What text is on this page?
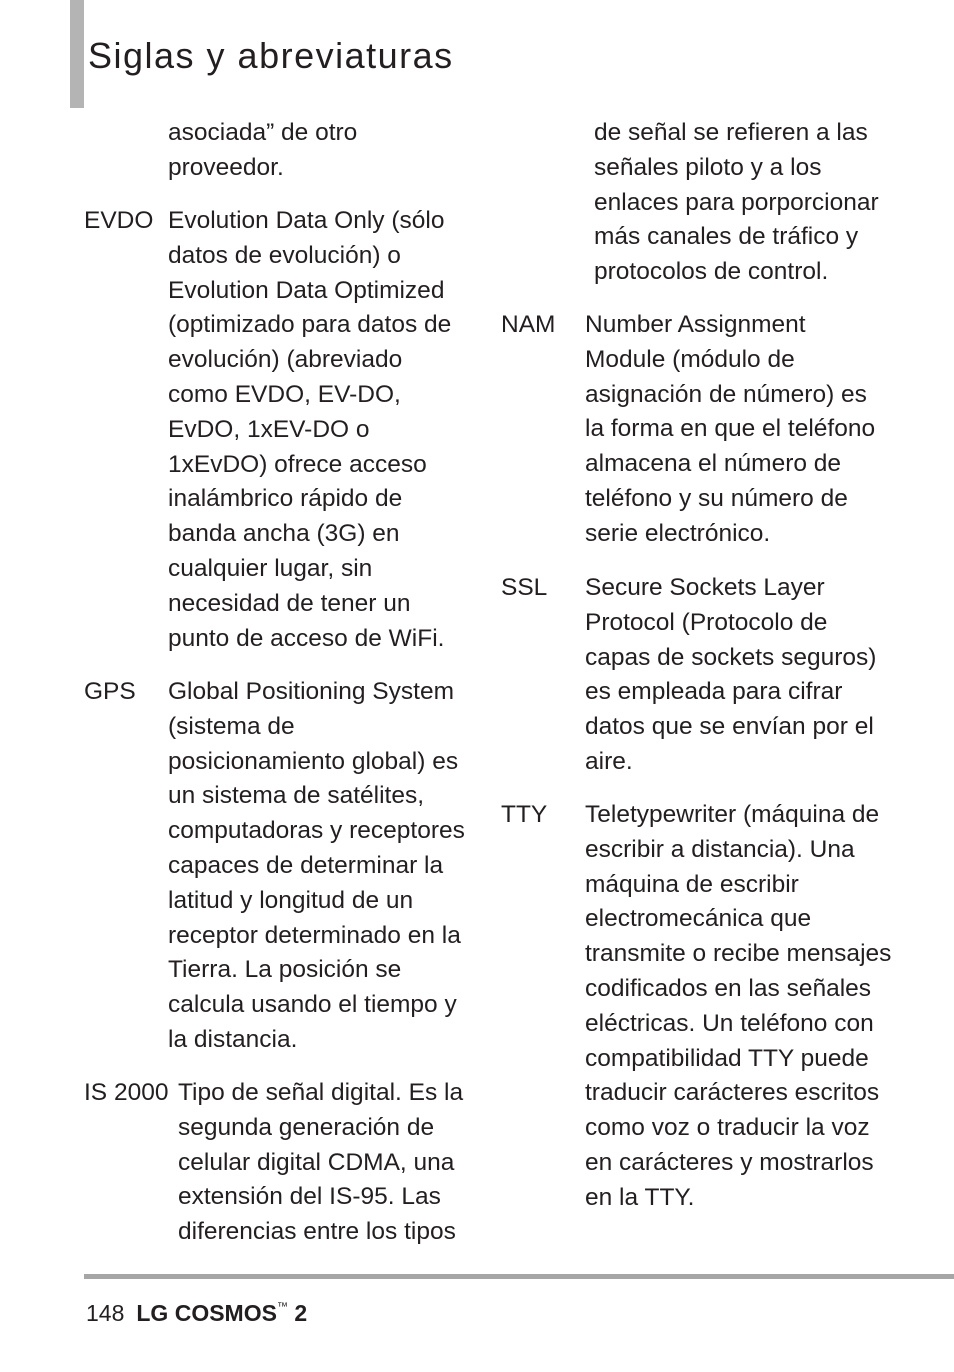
Siglas y abreviaturas
asociada” de otro
proveedor.
EVDO Evolution Data Only (sólo
datos de evolución) o
Evolution Data Optimized
(optimizado para datos de
evolución) (abreviado
como EVDO, EV-DO,
EvDO, 1xEV-DO o
1xEvDO) ofrece acceso
inalámbrico rápido de
banda ancha (3G) en
cualquier lugar, sin
necesidad de tener un
punto de acceso de WiFi.
GPS Global Positioning System
(sistema de
posicionamiento global) es
un sistema de satélites,
computadoras y receptores
capaces de determinar la
latitud y longitud de un
receptor determinado en la
Tierra. La posición se
calcula usando el tiempo y
la distancia.
IS 2000 Tipo de señal digital. Es la
segunda generación de
celular digital CDMA, una
extensión del IS-95. Las
diferencias entre los tipos
de señal se refieren a las
señales piloto y a los
enlaces para porporcionar
más canales de tráfico y
protocolos de control.
NAM Number Assignment
Module (módulo de
asignación de número) es
la forma en que el teléfono
almacena el número de
teléfono y su número de
serie electrónico.
SSL Secure Sockets Layer
Protocol (Protocolo de
capas de sockets seguros)
es empleada para cifrar
datos que se envían por el
aire.
TTY Teletypewriter (máquina de
escribir a distancia). Una
máquina de escribir
electromecánica que
transmite o recibe mensajes
codificados en las señales
eléctricas. Un teléfono con
compatibilidad TTY puede
traducir carácteres escritos
como voz o traducir la voz
en carácteres y mostrarlos
en la TTY.
148 LG COSMOS™ 2
